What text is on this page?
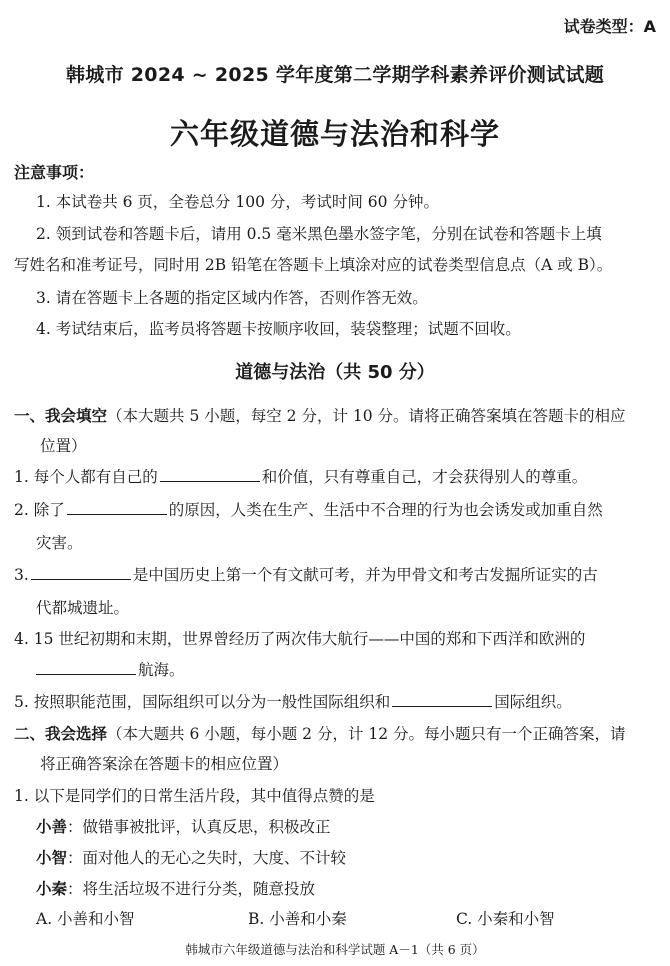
试卷类型：A
韩城市 2024 ~ 2025 学年度第二学期学科素养评价测试试题
六年级道德与法治和科学
注意事项：
1. 本试卷共 6 页，全卷总分 100 分，考试时间 60 分钟。
2. 领到试卷和答题卡后，请用 0.5 毫米黑色墨水签字笔，分别在试卷和答题卡上填
写姓名和准考证号，同时用 2B 铅笔在答题卡上填涂对应的试卷类型信息点（A 或 B）。
3. 请在答题卡上各题的指定区域内作答，否则作答无效。
4. 考试结束后，监考员将答题卡按顺序收回，装袋整理；试题不回收。
道德与法治（共 50 分）
一、我会填空（本大题共 5 小题，每空 2 分，计 10 分。请将正确答案填在答题卡的相应
位置）
1. 每个人都有自己的	和价值，只有尊重自己，才会获得别人的尊重。
2. 除了	的原因，人类在生产、生活中不合理的行为也会诱发或加重自然
灾害。
3.	是中国历史上第一个有文献可考，并为甲骨文和考古发掘所证实的古
代都城遗址。
4. 15 世纪初期和末期，世界曾经历了两次伟大航行——中国的郑和下西洋和欧洲的
航海。
5. 按照职能范围，国际组织可以分为一般性国际组织和	国际组织。
二、我会选择（本大题共 6 小题，每小题 2 分，计 12 分。每小题只有一个正确答案，请
将正确答案涂在答题卡的相应位置）
1. 以下是同学们的日常生活片段，其中值得点赞的是
小善：做错事被批评，认真反思，积极改正
小智：面对他人的无心之失时，大度、不计较
小秦：将生活垃圾不进行分类，随意投放
A. 小善和小智	B. 小善和小秦	C. 小秦和小智
韩城市六年级道德与法治和科学试题 A－1（共 6 页）
